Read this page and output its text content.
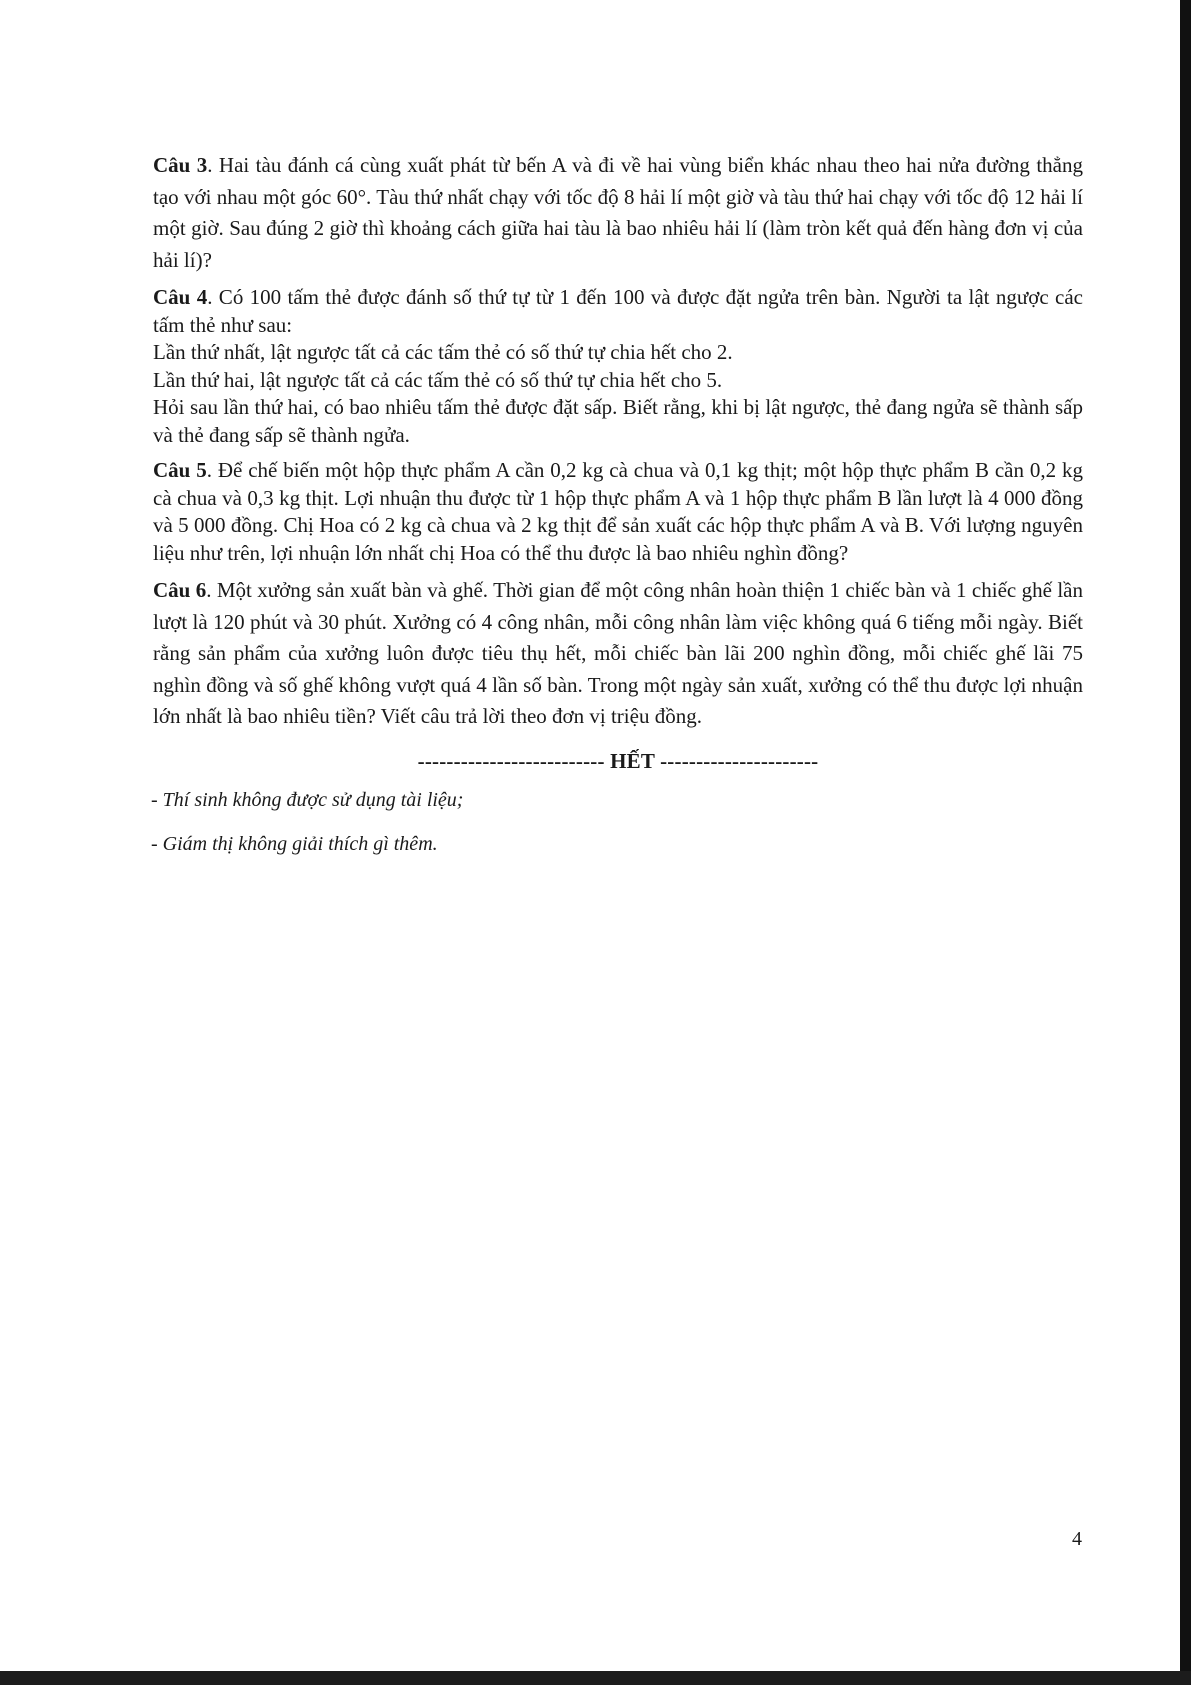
Câu 3. Hai tàu đánh cá cùng xuất phát từ bến A và đi về hai vùng biển khác nhau theo hai nửa đường thẳng tạo với nhau một góc 60°. Tàu thứ nhất chạy với tốc độ 8 hải lí một giờ và tàu thứ hai chạy với tốc độ 12 hải lí một giờ. Sau đúng 2 giờ thì khoảng cách giữa hai tàu là bao nhiêu hải lí (làm tròn kết quả đến hàng đơn vị của hải lí)?

Câu 4. Có 100 tấm thẻ được đánh số thứ tự từ 1 đến 100 và được đặt ngửa trên bàn. Người ta lật ngược các tấm thẻ như sau:
Lần thứ nhất, lật ngược tất cả các tấm thẻ có số thứ tự chia hết cho 2.
Lần thứ hai, lật ngược tất cả các tấm thẻ có số thứ tự chia hết cho 5.
Hỏi sau lần thứ hai, có bao nhiêu tấm thẻ được đặt sấp. Biết rằng, khi bị lật ngược, thẻ đang ngửa sẽ thành sấp và thẻ đang sấp sẽ thành ngửa.

Câu 5. Để chế biến một hộp thực phẩm A cần 0,2 kg cà chua và 0,1 kg thịt; một hộp thực phẩm B cần 0,2 kg cà chua và 0,3 kg thịt. Lợi nhuận thu được từ 1 hộp thực phẩm A và 1 hộp thực phẩm B lần lượt là 4 000 đồng và 5 000 đồng. Chị Hoa có 2 kg cà chua và 2 kg thịt để sản xuất các hộp thực phẩm A và B. Với lượng nguyên liệu như trên, lợi nhuận lớn nhất chị Hoa có thể thu được là bao nhiêu nghìn đồng?

Câu 6. Một xưởng sản xuất bàn và ghế. Thời gian để một công nhân hoàn thiện 1 chiếc bàn và 1 chiếc ghế lần lượt là 120 phút và 30 phút. Xưởng có 4 công nhân, mỗi công nhân làm việc không quá 6 tiếng mỗi ngày. Biết rằng sản phẩm của xưởng luôn được tiêu thụ hết, mỗi chiếc bàn lãi 200 nghìn đồng, mỗi chiếc ghế lãi 75 nghìn đồng và số ghế không vượt quá 4 lần số bàn. Trong một ngày sản xuất, xưởng có thể thu được lợi nhuận lớn nhất là bao nhiêu tiền? Viết câu trả lời theo đơn vị triệu đồng.

-------------------------- HẾT ----------------------

- Thí sinh không được sử dụng tài liệu;

- Giám thị không giải thích gì thêm.

4
